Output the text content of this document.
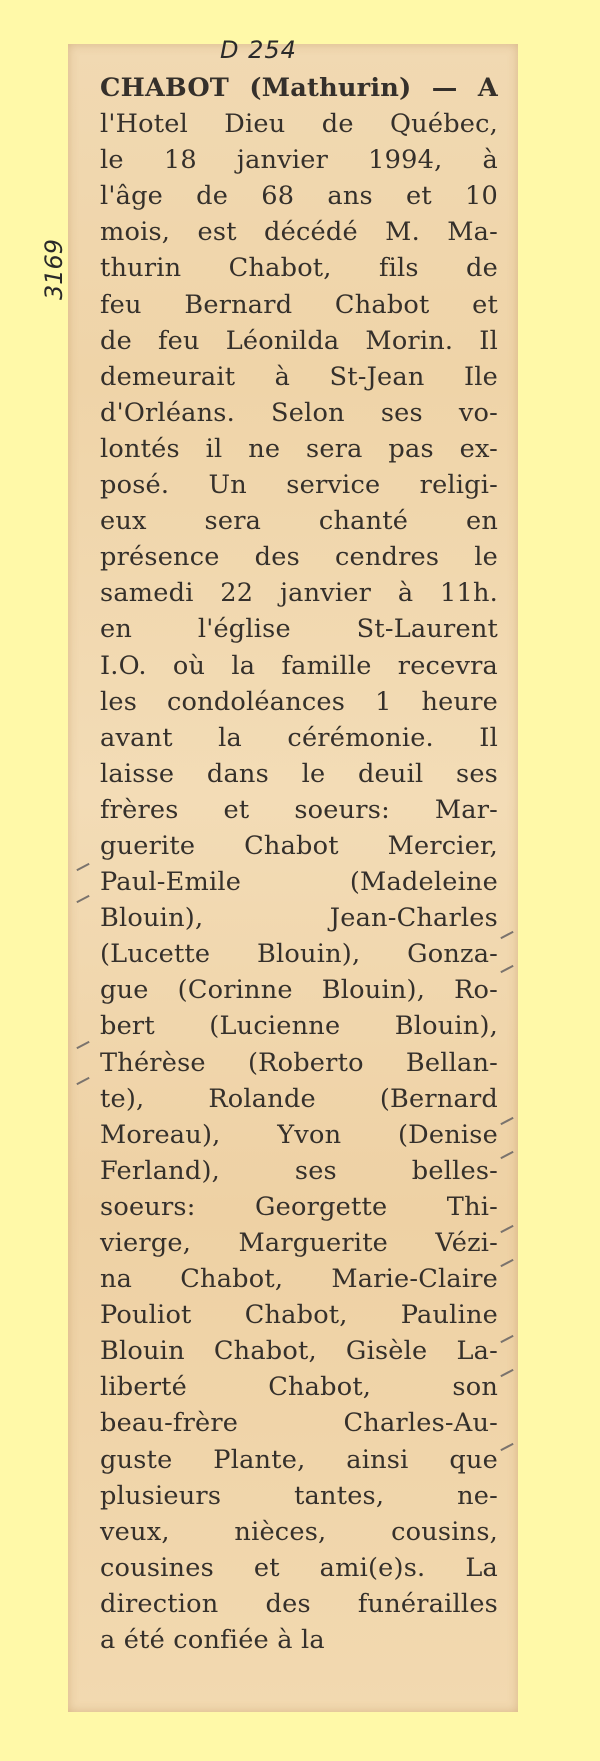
D 254
3169
CHABOT (Mathurin) — A
l'Hotel Dieu de Québec,
le 18 janvier 1994, à
l'âge de 68 ans et 10
mois, est décédé M. Ma-
thurin Chabot, fils de
feu Bernard Chabot et
de feu Léonilda Morin. Il
demeurait à St-Jean Ile
d'Orléans. Selon ses vo-
lontés il ne sera pas ex-
posé. Un service religi-
eux sera chanté en
présence des cendres le
samedi 22 janvier à 11h.
en l'église St-Laurent
I.O. où la famille recevra
les condoléances 1 heure
avant la cérémonie. Il
laisse dans le deuil ses
frères et soeurs: Mar-
guerite Chabot Mercier,
Paul-Emile (Madeleine
Blouin), Jean-Charles
(Lucette Blouin), Gonza-
gue (Corinne Blouin), Ro-
bert (Lucienne Blouin),
Thérèse (Roberto Bellan-
te), Rolande (Bernard
Moreau), Yvon (Denise
Ferland), ses belles-
soeurs: Georgette Thi-
vierge, Marguerite Vézi-
na Chabot, Marie-Claire
Pouliot Chabot, Pauline
Blouin Chabot, Gisèle La-
liberté Chabot, son
beau-frère Charles-Au-
guste Plante, ainsi que
plusieurs tantes, ne-
veux, nièces, cousins,
cousines et ami(e)s. La
direction des funérailles
a été confiée à la
